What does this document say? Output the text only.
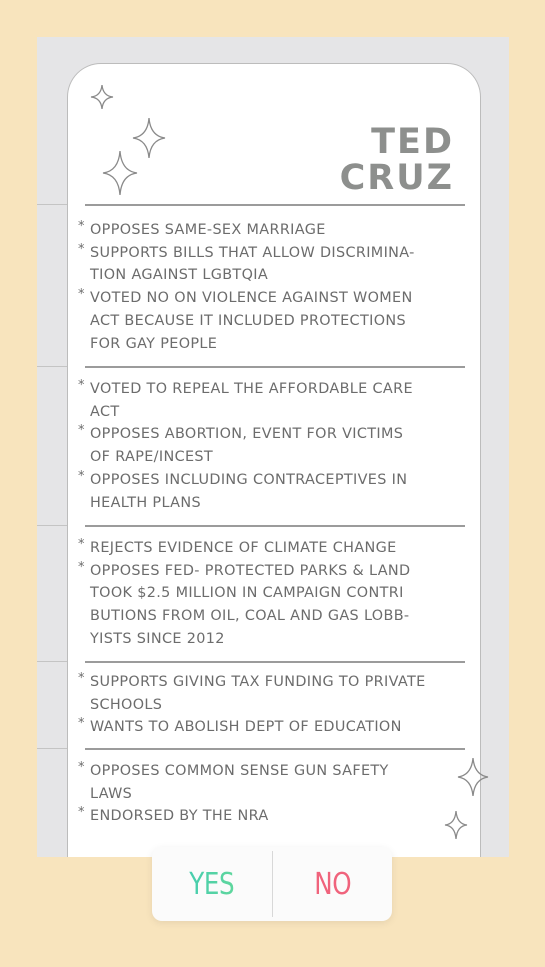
TED
CRUZ
* OPPOSES SAME-SEX MARRIAGE
* SUPPORTS BILLS THAT ALLOW DISCRIMINA-
TION AGAINST LGBTQIA
* VOTED NO ON VIOLENCE AGAINST WOMEN
ACT BECAUSE IT INCLUDED PROTECTIONS
FOR GAY PEOPLE
* VOTED TO REPEAL THE AFFORDABLE CARE
ACT
* OPPOSES ABORTION, EVENT FOR VICTIMS
OF RAPE/INCEST
* OPPOSES INCLUDING CONTRACEPTIVES IN
HEALTH PLANS
* REJECTS EVIDENCE OF CLIMATE CHANGE
* OPPOSES FED- PROTECTED PARKS & LAND
TOOK $2.5 MILLION IN CAMPAIGN CONTRI
BUTIONS FROM OIL, COAL AND GAS LOBB-
YISTS SINCE 2012
* SUPPORTS GIVING TAX FUNDING TO PRIVATE
SCHOOLS
* WANTS TO ABOLISH DEPT OF EDUCATION
* OPPOSES COMMON SENSE GUN SAFETY
LAWS
* ENDORSED BY THE NRA
YES	NO
